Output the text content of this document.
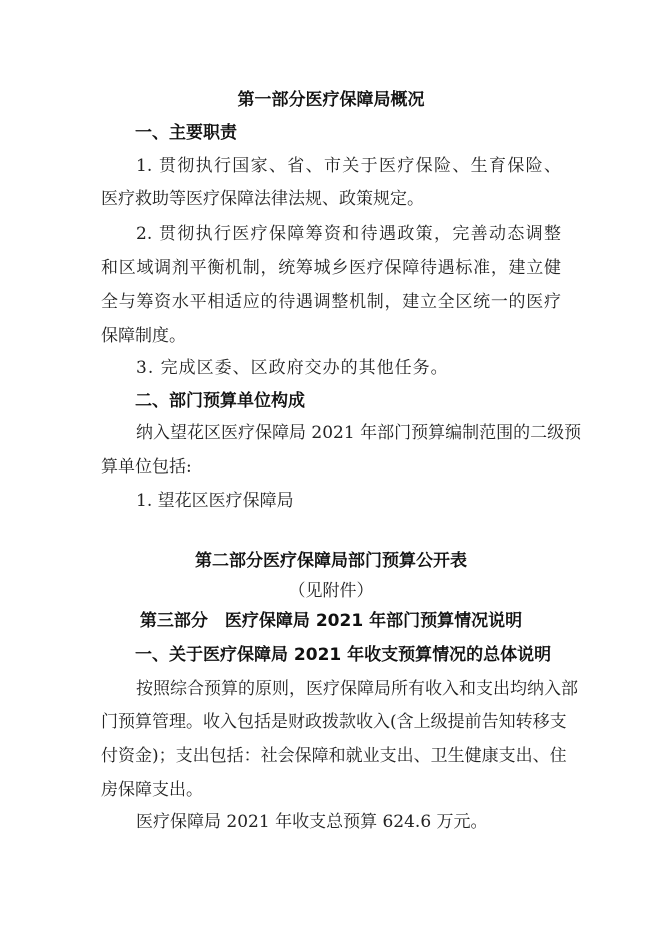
第一部分医疗保障局概况
一、主要职责
1. 贯彻执行国家、省、市关于医疗保险、生育保险、
医疗救助等医疗保障法律法规、政策规定。
2. 贯彻执行医疗保障筹资和待遇政策，完善动态调整
和区域调剂平衡机制，统筹城乡医疗保障待遇标准，建立健
全与筹资水平相适应的待遇调整机制，建立全区统一的医疗
保障制度。
3. 完成区委、区政府交办的其他任务。
二、部门预算单位构成
纳入望花区医疗保障局 2021 年部门预算编制范围的二级预
算单位包括:
1. 望花区医疗保障局
第二部分医疗保障局部门预算公开表
（见附件）
第三部分　医疗保障局 2021 年部门预算情况说明
一、关于医疗保障局 2021 年收支预算情况的总体说明
按照综合预算的原则，医疗保障局所有收入和支出均纳入部
门预算管理。收入包括是财政拨款收入(含上级提前告知转移支
付资金)；支出包括：社会保障和就业支出、卫生健康支出、住
房保障支出。
医疗保障局 2021 年收支总预算 624.6 万元。
